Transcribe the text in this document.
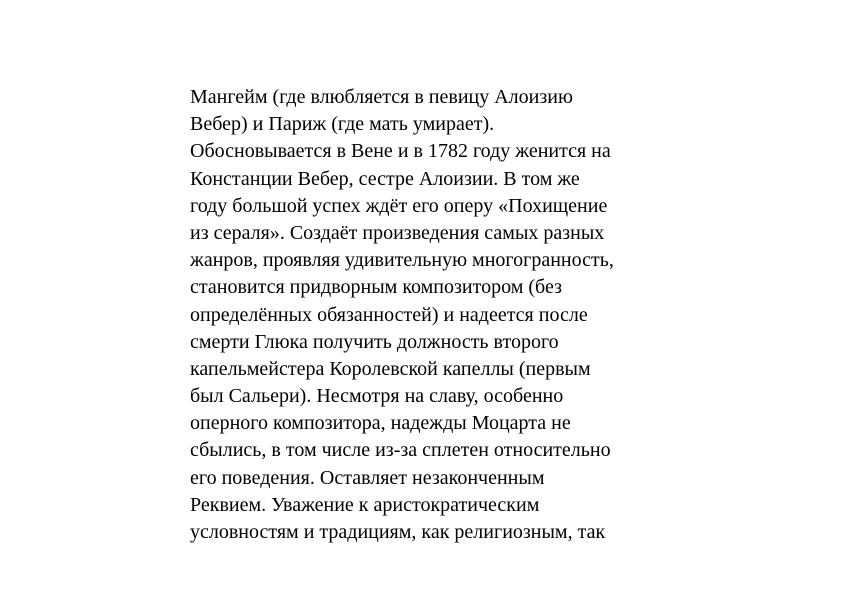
Мангейм (где влюбляется в певицу Алоизию
Вебер) и Париж (где мать умирает).
Обосновывается в Вене и в 1782 году женится на
Констанции Вебер, сестре Алоизии. В том же
году большой успех ждёт его оперу «Похищение
из сераля». Создаёт произведения самых разных
жанров, проявляя удивительную многогранность,
становится придворным композитором (без
определённых обязанностей) и надеется после
смерти Глюка получить должность второго
капельмейстера Королевской капеллы (первым
был Сальери). Несмотря на славу, особенно
оперного композитора, надежды Моцарта не
сбылись, в том числе из-за сплетен относительно
его поведения. Оставляет незаконченным
Реквием. Уважение к аристократическим
условностям и традициям, как религиозным, так
